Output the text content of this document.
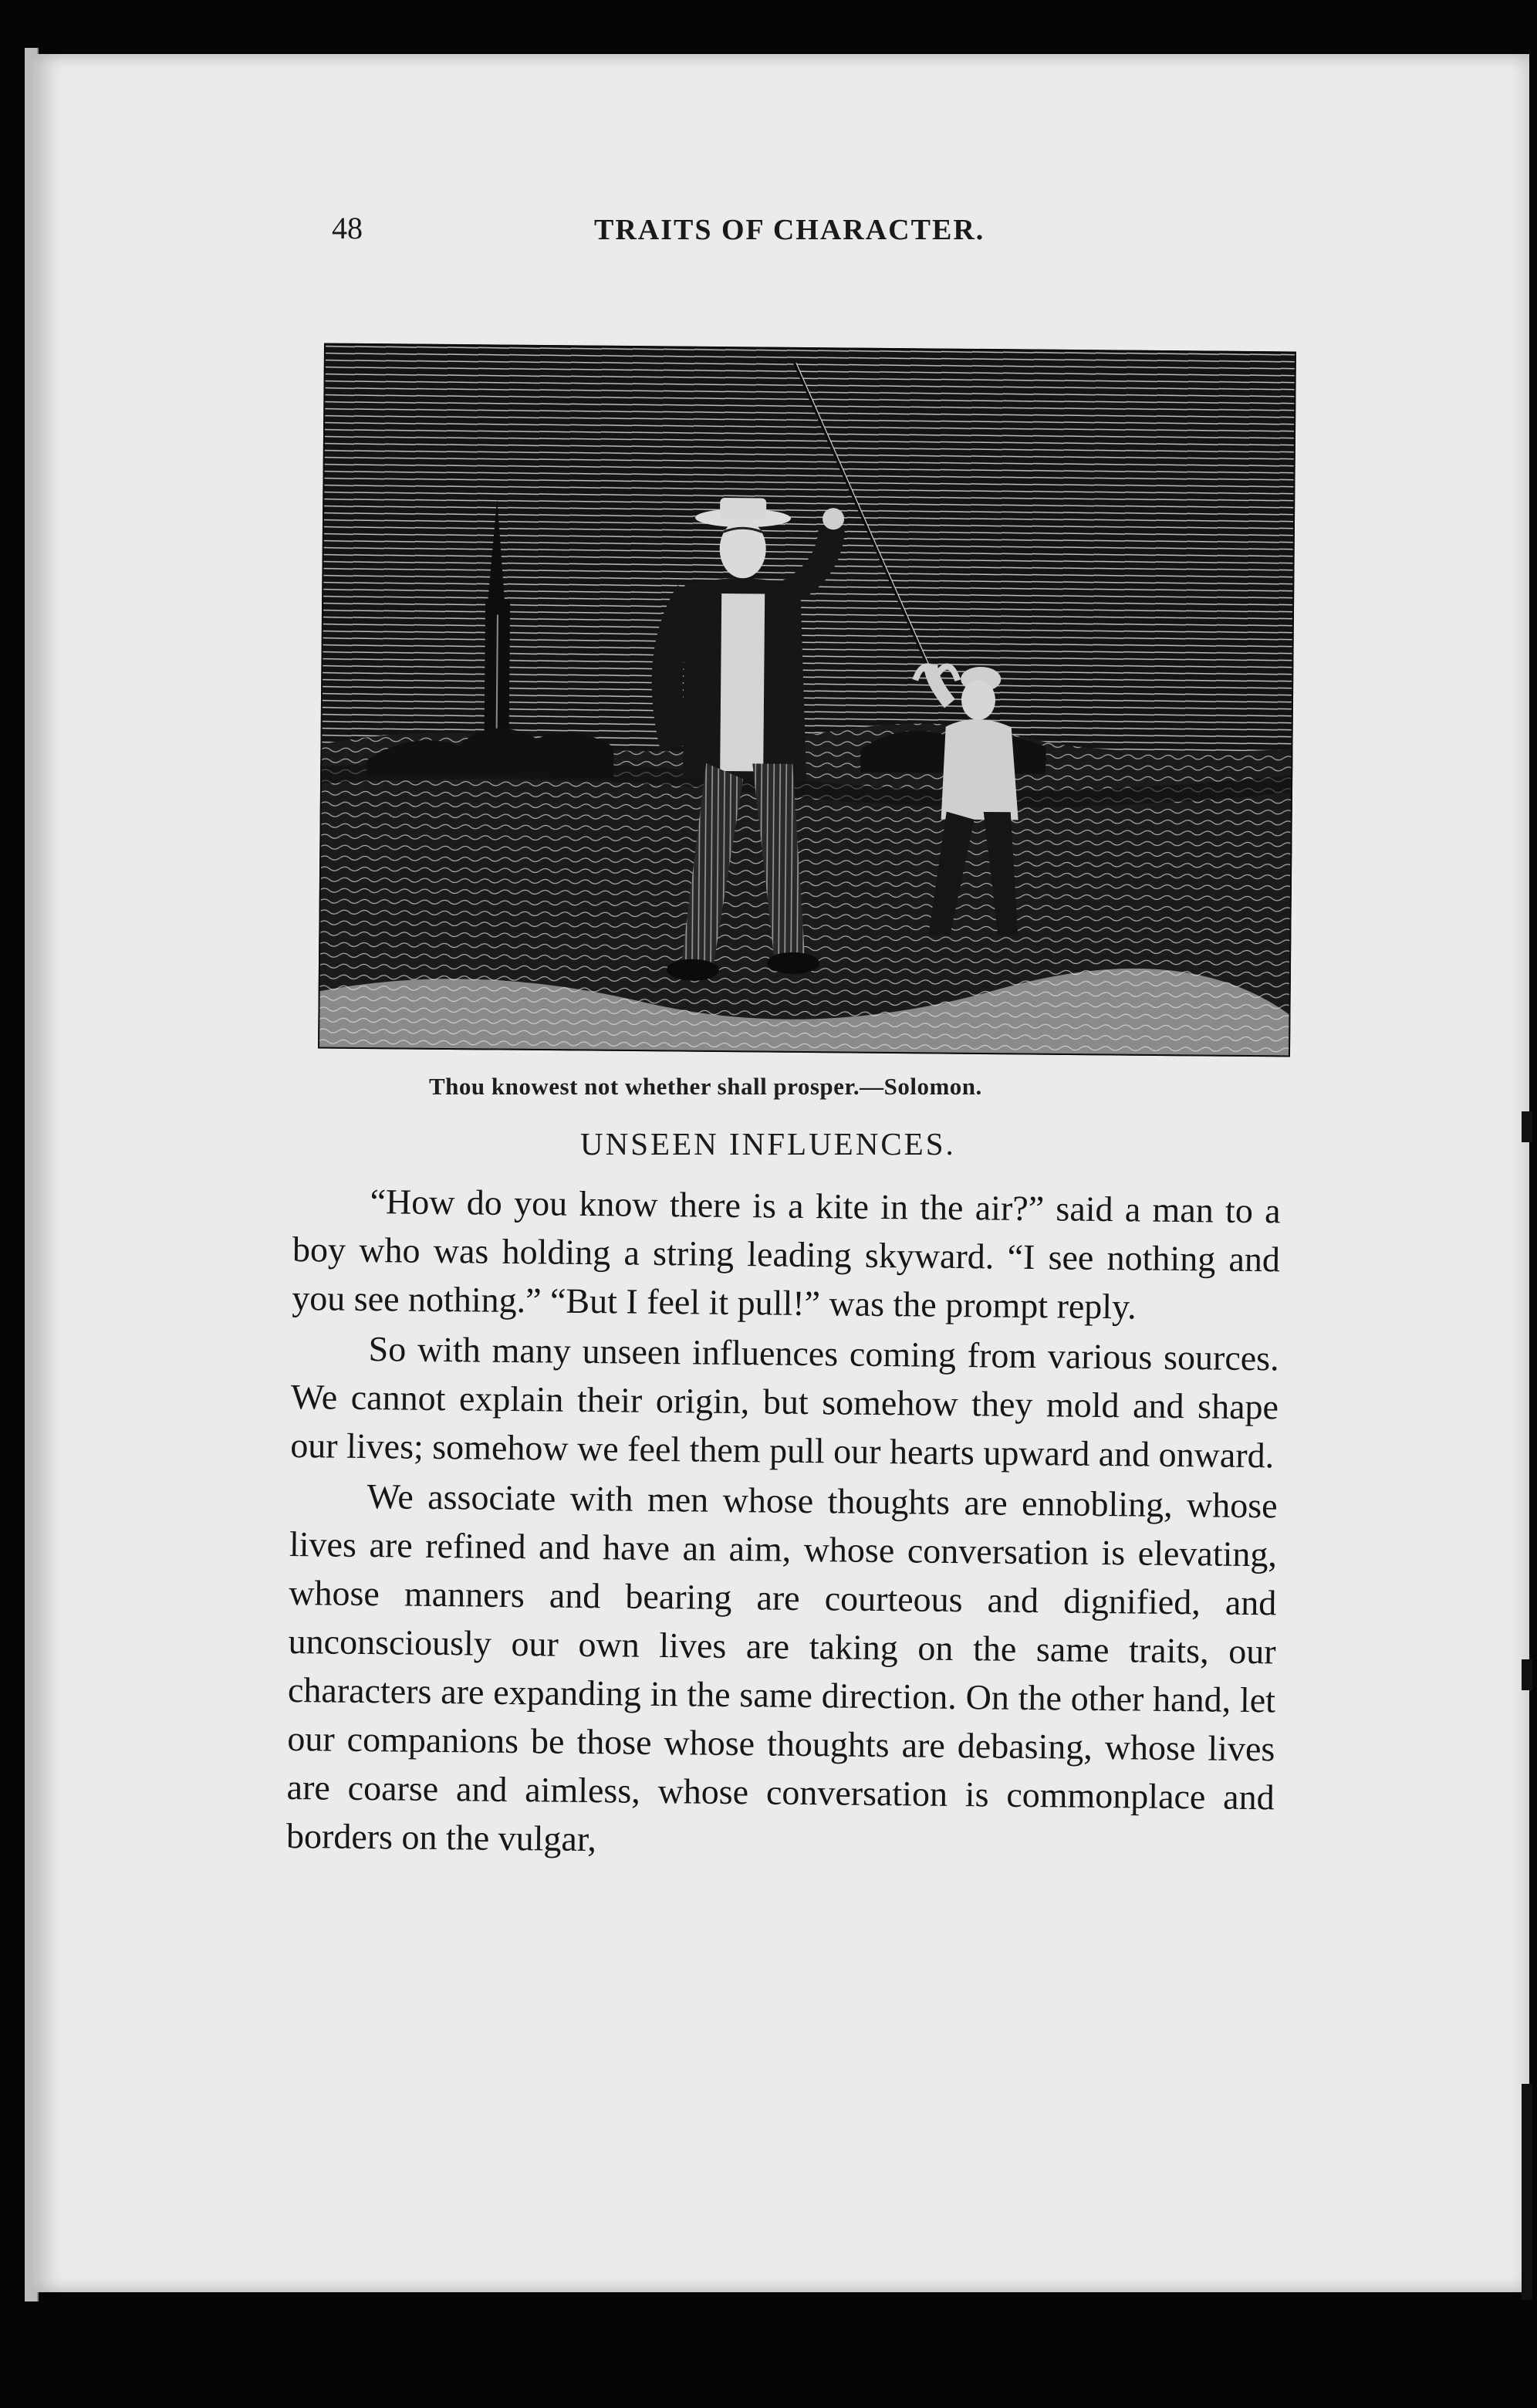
48	TRAITS OF CHARACTER.
Thou knowest not whether shall prosper.—Solomon.
UNSEEN INFLUENCES.

“How do you know there is a kite in the air?” said a man to a boy who was holding a string leading skyward. “I see nothing and you see nothing.” “But I feel it pull!” was the prompt reply.

So with many unseen influences coming from various sources. We cannot explain their origin, but somehow they mold and shape our lives; somehow we feel them pull our hearts upward and onward.

We associate with men whose thoughts are ennobling, whose lives are refined and have an aim, whose conversation is elevating, whose manners and bearing are courteous and dignified, and unconsciously our own lives are taking on the same traits, our characters are expanding in the same direction. On the other hand, let our companions be those whose thoughts are debasing, whose lives are coarse and aimless, whose conversation is commonplace and borders on the vulgar,
